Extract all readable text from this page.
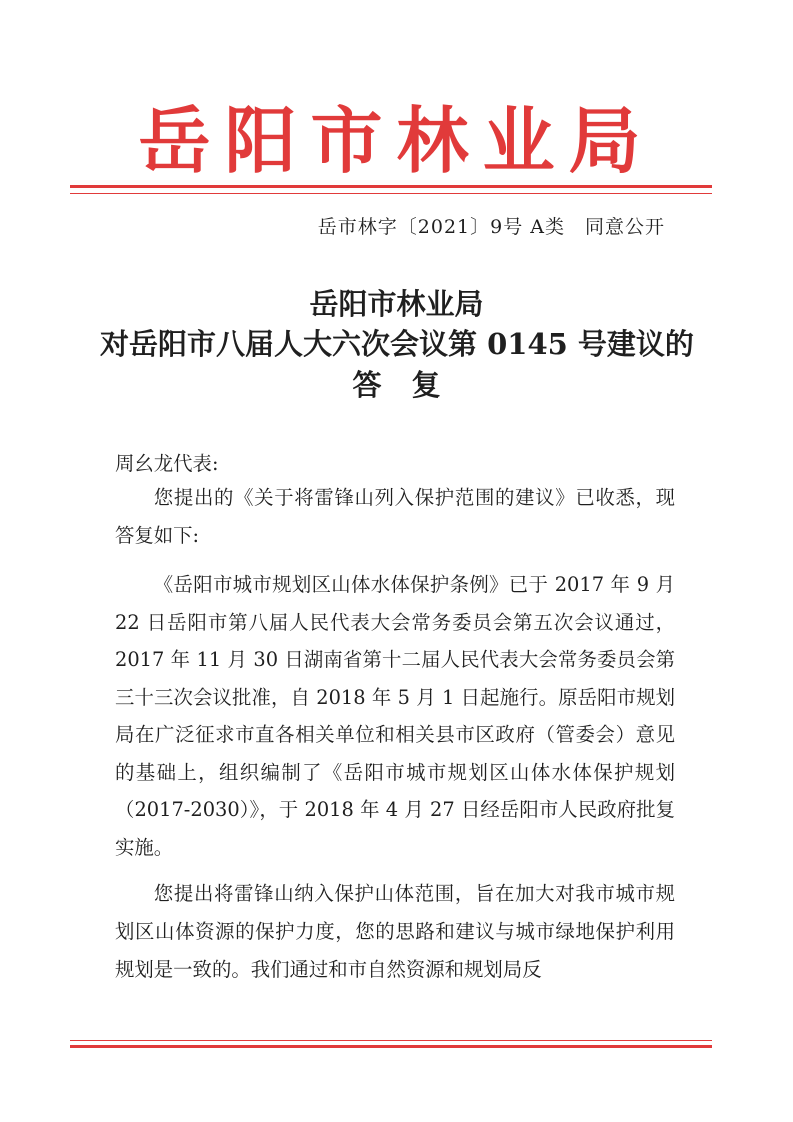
岳阳市林业局
岳市林字〔2021〕9号 A类　同意公开
岳阳市林业局
对岳阳市八届人大六次会议第 0145 号建议的
答复
周幺龙代表:
您提出的《关于将雷锋山列入保护范围的建议》已收悉，现答复如下:
《岳阳市城市规划区山体水体保护条例》已于 2017 年 9 月 22 日岳阳市第八届人民代表大会常务委员会第五次会议通过，2017 年 11 月 30 日湖南省第十二届人民代表大会常务委员会第三十三次会议批准，自 2018 年 5 月 1 日起施行。原岳阳市规划局在广泛征求市直各相关单位和相关县市区政府（管委会）意见的基础上，组织编制了《岳阳市城市规划区山体水体保护规划（2017-2030）》，于 2018 年 4 月 27 日经岳阳市人民政府批复实施。
您提出将雷锋山纳入保护山体范围，旨在加大对我市城市规划区山体资源的保护力度，您的思路和建议与城市绿地保护利用规划是一致的。我们通过和市自然资源和规划局反
